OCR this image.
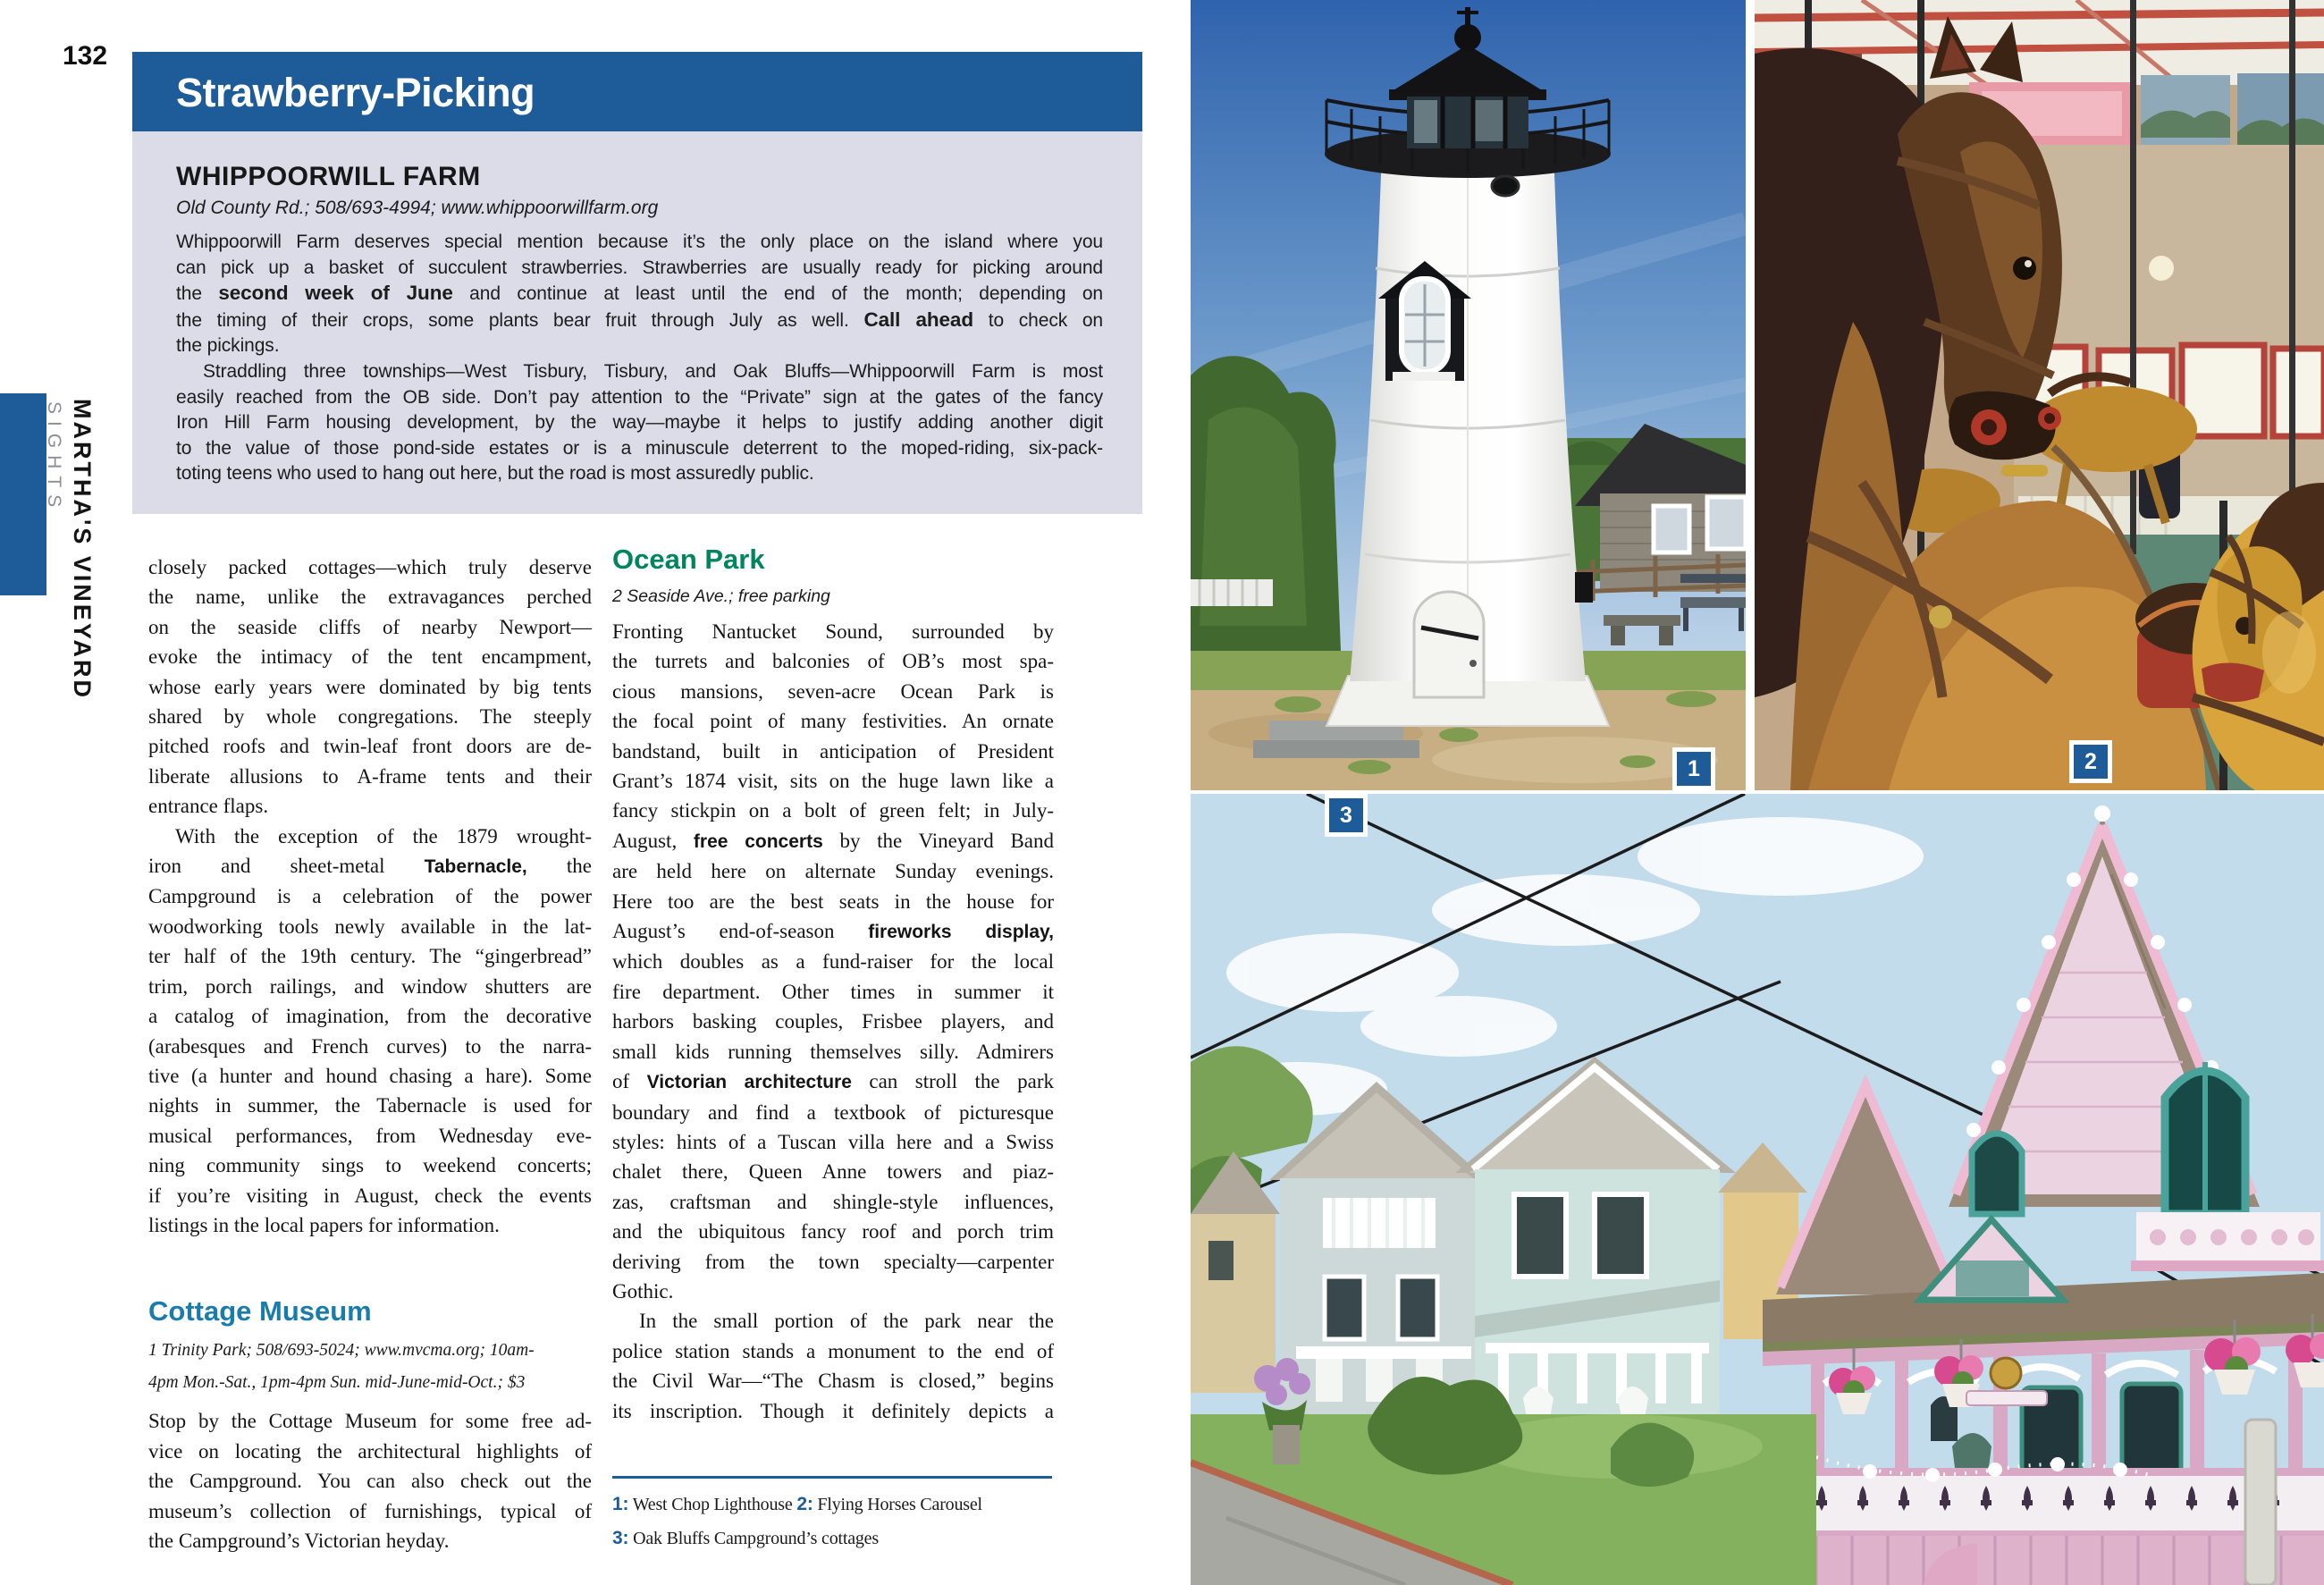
132
MARTHA'S VINEYARD
SIGHTS
Strawberry-Picking
WHIPPOORWILL FARM
Old County Rd.; 508/693-4994; www.whippoorwillfarm.org
Whippoorwill Farm deserves special mention because it’s the only place on the island where you
can pick up a basket of succulent strawberries. Strawberries are usually ready for picking around
the second week of June and continue at least until the end of the month; depending on
the timing of their crops, some plants bear fruit through July as well. Call ahead to check on
the pickings.
Straddling three townships—West Tisbury, Tisbury, and Oak Bluffs—Whippoorwill Farm is most
easily reached from the OB side. Don’t pay attention to the “Private” sign at the gates of the fancy
Iron Hill Farm housing development, by the way—maybe it helps to justify adding another digit
to the value of those pond-side estates or is a minuscule deterrent to the moped-riding, six-pack-
toting teens who used to hang out here, but the road is most assuredly public.
closely packed cottages—which truly deserve
the name, unlike the extravagances perched
on the seaside cliffs of nearby Newport—
evoke the intimacy of the tent encampment,
whose early years were dominated by big tents
shared by whole congregations. The steeply
pitched roofs and twin-leaf front doors are de-
liberate allusions to A-frame tents and their
entrance flaps.
With the exception of the 1879 wrought-
iron and sheet-metal Tabernacle, the
Campground is a celebration of the power
woodworking tools newly available in the lat-
ter half of the 19th century. The “gingerbread”
trim, porch railings, and window shutters are
a catalog of imagination, from the decorative
(arabesques and French curves) to the narra-
tive (a hunter and hound chasing a hare). Some
nights in summer, the Tabernacle is used for
musical performances, from Wednesday eve-
ning community sings to weekend concerts;
if you’re visiting in August, check the events
listings in the local papers for information.
Cottage Museum
1 Trinity Park; 508/693-5024; www.mvcma.org; 10am-
4pm Mon.-Sat., 1pm-4pm Sun. mid-June-mid-Oct.; $3
Stop by the Cottage Museum for some free ad-
vice on locating the architectural highlights of
the Campground. You can also check out the
museum’s collection of furnishings, typical of
the Campground’s Victorian heyday.
Ocean Park
2 Seaside Ave.; free parking
Fronting Nantucket Sound, surrounded by
the turrets and balconies of OB’s most spa-
cious mansions, seven-acre Ocean Park is
the focal point of many festivities. An ornate
bandstand, built in anticipation of President
Grant’s 1874 visit, sits on the huge lawn like a
fancy stickpin on a bolt of green felt; in July-
August, free concerts by the Vineyard Band
are held here on alternate Sunday evenings.
Here too are the best seats in the house for
August’s end-of-season fireworks display,
which doubles as a fund-raiser for the local
fire department. Other times in summer it
harbors basking couples, Frisbee players, and
small kids running themselves silly. Admirers
of Victorian architecture can stroll the park
boundary and find a textbook of picturesque
styles: hints of a Tuscan villa here and a Swiss
chalet there, Queen Anne towers and piaz-
zas, craftsman and shingle-style influences,
and the ubiquitous fancy roof and porch trim
deriving from the town specialty—carpenter
Gothic.
In the small portion of the park near the
police station stands a monument to the end of
the Civil War—“The Chasm is closed,” begins
its inscription. Though it definitely depicts a
1: West Chop Lighthouse 2: Flying Horses Carousel
3: Oak Bluffs Campground’s cottages
1	2
3
